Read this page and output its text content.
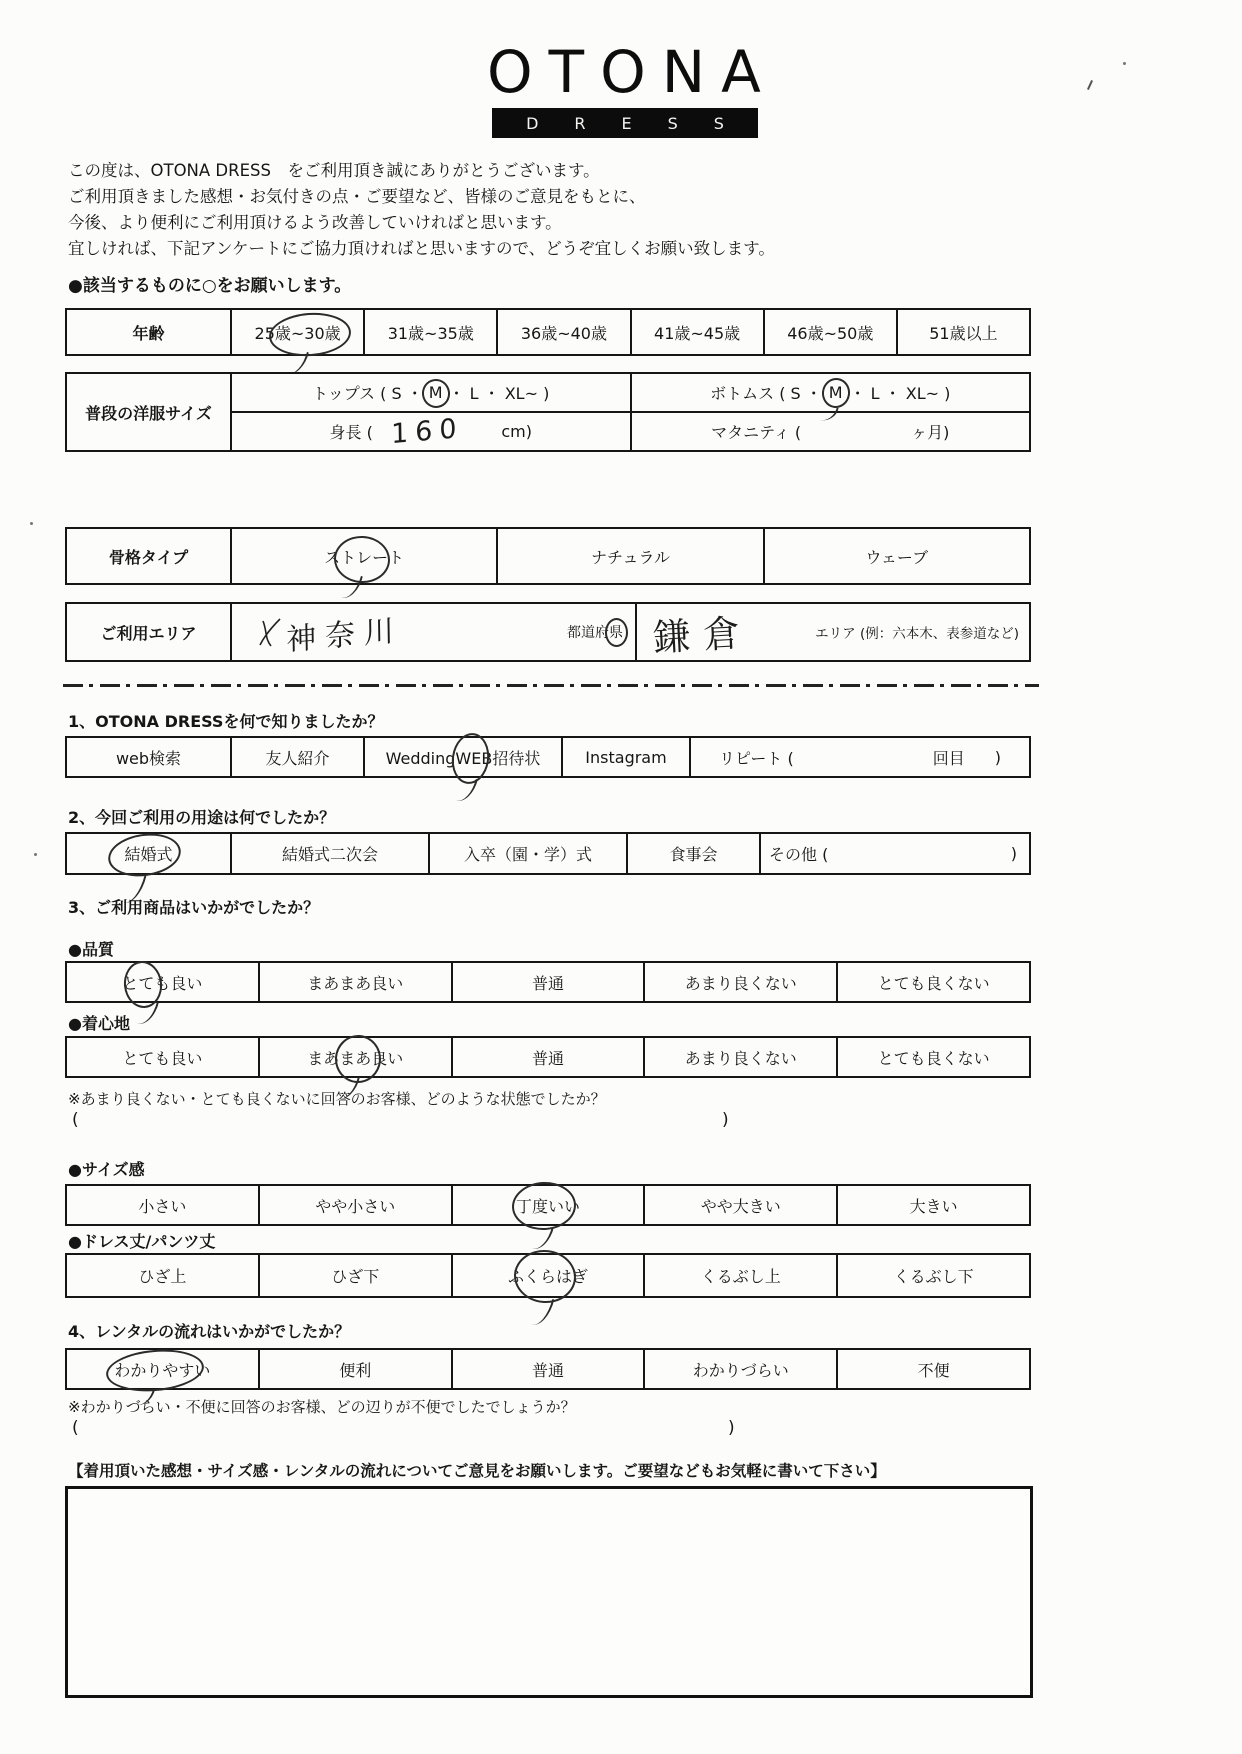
OTONA
DRESS
この度は、OTONA DRESS　をご利用頂き誠にありがとうございます。
ご利用頂きました感想・お気付きの点・ご要望など、皆様のご意見をもとに、
今後、より便利にご利用頂けるよう改善していければと思います。
宜しければ、下記アンケートにご協力頂ければと思いますので、どうぞ宜しくお願い致します。
●該当するものに○をお願いします。
年齢	25歳~30歳	31歳~35歳	36歳~40歳	41歳~45歳	46歳~50歳	51歳以上
普段の洋服サイズ
トップス ( S ・ M ・ L ・ XL~ )	ボトムス ( S ・ M ・ L ・ XL~ )
身長 ( 160 cm)	マタニティ (	ヶ月)
骨格タイプ	ストレート	ナチュラル	ウェーブ
ご利用エリア	神奈川	都道府県 鎌倉	エリア (例：六本木、表参道など)
1、OTONA DRESSを何で知りましたか？
web検索	友人紹介	WeddingWEB招待状	Instagram	リピート (	回目 )
2、今回ご利用の用途は何でしたか？
結婚式	結婚式二次会	入卒（園・学）式	食事会	その他 (	)
3、ご利用商品はいかがでしたか？
●品質
とても良い	まあまあ良い	普通	あまり良くない	とても良くない
●着心地
とても良い	まあまあ良い	普通	あまり良くない	とても良くない
※あまり良くない・とても良くないに回答のお客様、どのような状態でしたか？
(	)
●サイズ感
小さい	やや小さい	丁度いい	やや大きい	大きい
●ドレス丈/パンツ丈
ひざ上	ひざ下	ふくらはぎ	くるぶし上	くるぶし下
4、レンタルの流れはいかがでしたか？
わかりやすい	便利	普通	わかりづらい	不便
※わかりづらい・不便に回答のお客様、どの辺りが不便でしたでしょうか？
(	)
【着用頂いた感想・サイズ感・レンタルの流れについてご意見をお願いします。ご要望などもお気軽に書いて下さい】
